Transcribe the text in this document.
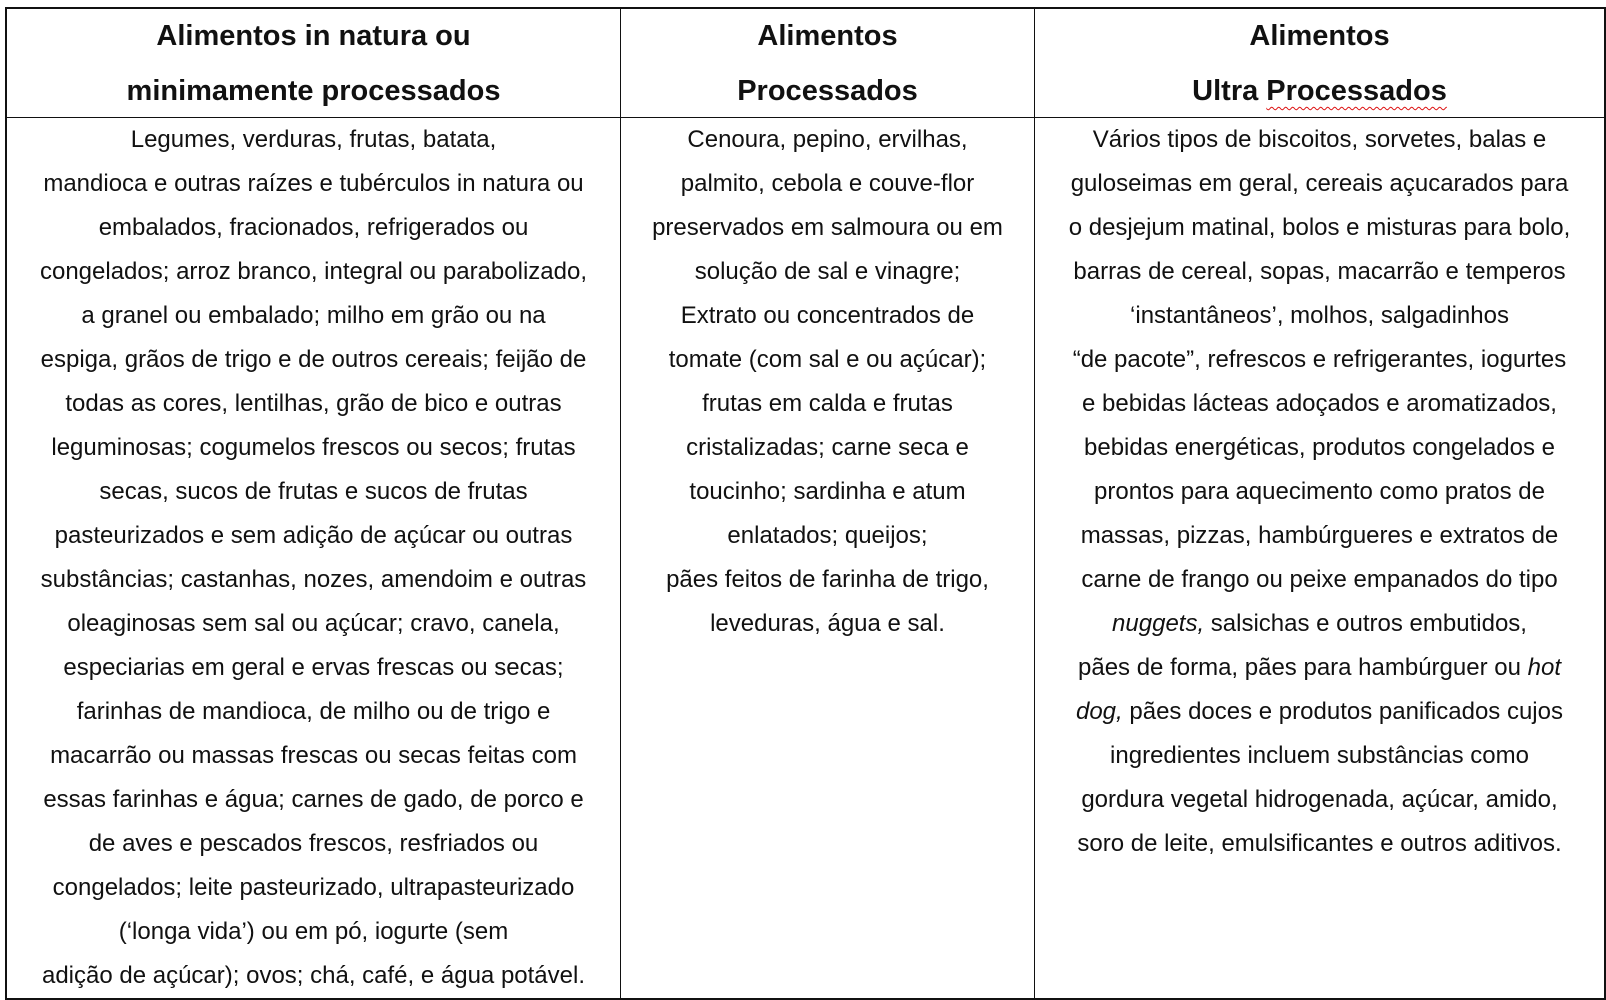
Alimentos in natura ou
minimamente processados
Alimentos
Processados
Alimentos
Ultra Processados
Legumes, verduras, frutas, batata,
mandioca e outras raízes e tubérculos in natura ou
embalados, fracionados, refrigerados ou
congelados; arroz branco, integral ou parabolizado,
a granel ou embalado; milho em grão ou na
espiga, grãos de trigo e de outros cereais; feijão de
todas as cores, lentilhas, grão de bico e outras
leguminosas; cogumelos frescos ou secos; frutas
secas, sucos de frutas e sucos de frutas
pasteurizados e sem adição de açúcar ou outras
substâncias; castanhas, nozes, amendoim e outras
oleaginosas sem sal ou açúcar; cravo, canela,
especiarias em geral e ervas frescas ou secas;
farinhas de mandioca, de milho ou de trigo e
macarrão ou massas frescas ou secas feitas com
essas farinhas e água; carnes de gado, de porco e
de aves e pescados frescos, resfriados ou
congelados; leite pasteurizado, ultrapasteurizado
(‘longa vida’) ou em pó, iogurte (sem
adição de açúcar); ovos; chá, café, e água potável.
Cenoura, pepino, ervilhas,
palmito, cebola e couve-flor
preservados em salmoura ou em
solução de sal e vinagre;
Extrato ou concentrados de
tomate (com sal e ou açúcar);
frutas em calda e frutas
cristalizadas; carne seca e
toucinho; sardinha e atum
enlatados; queijos;
pães feitos de farinha de trigo,
leveduras, água e sal.
Vários tipos de biscoitos, sorvetes, balas e
guloseimas em geral, cereais açucarados para
o desjejum matinal, bolos e misturas para bolo,
barras de cereal, sopas, macarrão e temperos
‘instantâneos’, molhos, salgadinhos
“de pacote”, refrescos e refrigerantes, iogurtes
e bebidas lácteas adoçados e aromatizados,
bebidas energéticas, produtos congelados e
prontos para aquecimento como pratos de
massas, pizzas, hambúrgueres e extratos de
carne de frango ou peixe empanados do tipo
nuggets, salsichas e outros embutidos,
pães de forma, pães para hambúrguer ou hot
dog, pães doces e produtos panificados cujos
ingredientes incluem substâncias como
gordura vegetal hidrogenada, açúcar, amido,
soro de leite, emulsificantes e outros aditivos.
